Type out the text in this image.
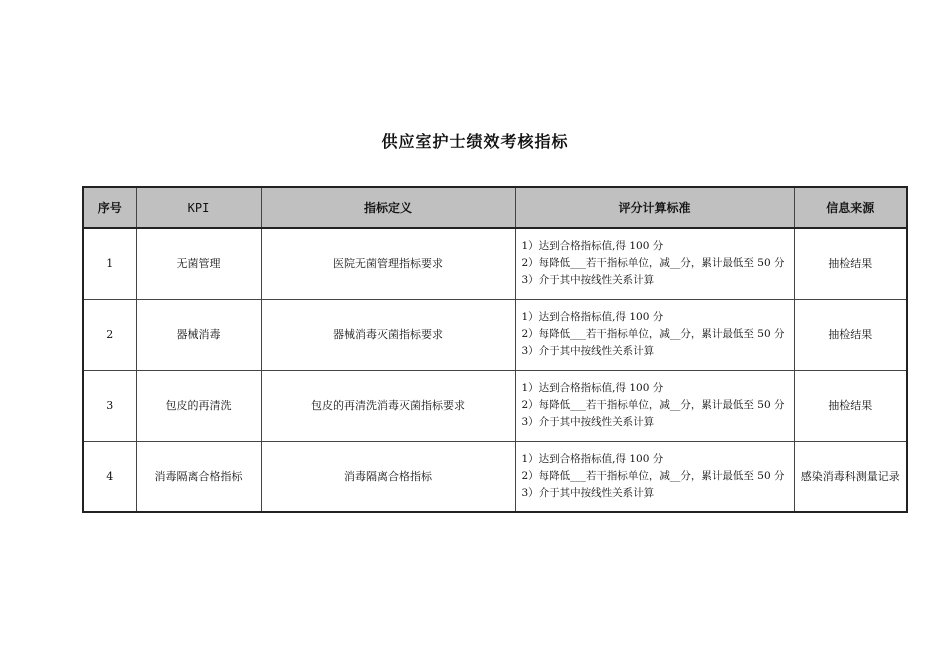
供应室护士绩效考核指标
序号	KPI	指标定义	评分计算标准	信息来源
1	无菌管理	医院无菌管理指标要求	1）达到合格指标值,得 100 分
2）每降低___若干指标单位，减__分，累计最低至 50 分
3）介于其中按线性关系计算	抽检结果

2	器械消毒	器械消毒灭菌指标要求	1）达到合格指标值,得 100 分
2）每降低___若干指标单位，减__分，累计最低至 50 分
3）介于其中按线性关系计算	抽检结果

3	包皮的再清洗	包皮的再清洗消毒灭菌指标要求	1）达到合格指标值,得 100 分
2）每降低___若干指标单位，减__分，累计最低至 50 分
3）介于其中按线性关系计算	抽检结果

4	消毒隔离合格指标	消毒隔离合格指标	1）达到合格指标值,得 100 分
2）每降低___若干指标单位，减__分，累计最低至 50 分
3）介于其中按线性关系计算	感染消毒科测量记录
